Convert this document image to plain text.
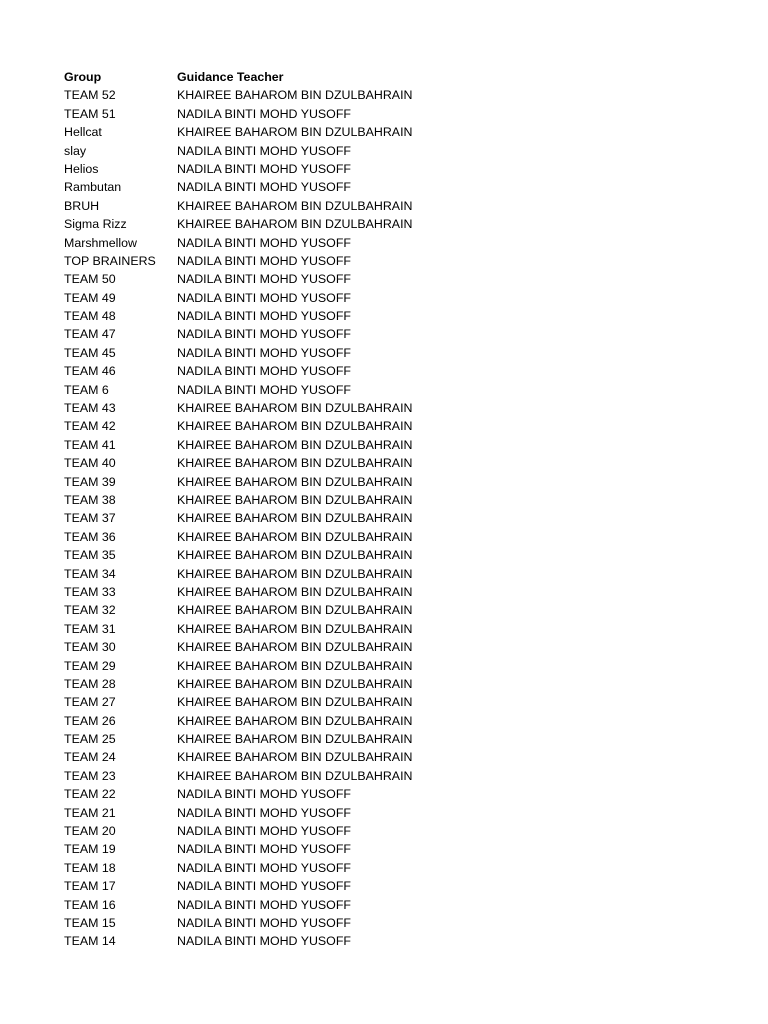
Group	Guidance Teacher
TEAM 52	KHAIREE BAHAROM BIN DZULBAHRAIN
TEAM 51	NADILA BINTI MOHD YUSOFF
Hellcat	KHAIREE BAHAROM BIN DZULBAHRAIN
slay	NADILA BINTI MOHD YUSOFF
Helios	NADILA BINTI MOHD YUSOFF
Rambutan	NADILA BINTI MOHD YUSOFF
BRUH	KHAIREE BAHAROM BIN DZULBAHRAIN
Sigma Rizz	KHAIREE BAHAROM BIN DZULBAHRAIN
Marshmellow	NADILA BINTI MOHD YUSOFF
TOP BRAINERS	NADILA BINTI MOHD YUSOFF
TEAM 50	NADILA BINTI MOHD YUSOFF
TEAM 49	NADILA BINTI MOHD YUSOFF
TEAM 48	NADILA BINTI MOHD YUSOFF
TEAM 47	NADILA BINTI MOHD YUSOFF
TEAM 45	NADILA BINTI MOHD YUSOFF
TEAM 46	NADILA BINTI MOHD YUSOFF
TEAM 6	NADILA BINTI MOHD YUSOFF
TEAM 43	KHAIREE BAHAROM BIN DZULBAHRAIN
TEAM 42	KHAIREE BAHAROM BIN DZULBAHRAIN
TEAM 41	KHAIREE BAHAROM BIN DZULBAHRAIN
TEAM 40	KHAIREE BAHAROM BIN DZULBAHRAIN
TEAM 39	KHAIREE BAHAROM BIN DZULBAHRAIN
TEAM 38	KHAIREE BAHAROM BIN DZULBAHRAIN
TEAM 37	KHAIREE BAHAROM BIN DZULBAHRAIN
TEAM 36	KHAIREE BAHAROM BIN DZULBAHRAIN
TEAM 35	KHAIREE BAHAROM BIN DZULBAHRAIN
TEAM 34	KHAIREE BAHAROM BIN DZULBAHRAIN
TEAM 33	KHAIREE BAHAROM BIN DZULBAHRAIN
TEAM 32	KHAIREE BAHAROM BIN DZULBAHRAIN
TEAM 31	KHAIREE BAHAROM BIN DZULBAHRAIN
TEAM 30	KHAIREE BAHAROM BIN DZULBAHRAIN
TEAM 29	KHAIREE BAHAROM BIN DZULBAHRAIN
TEAM 28	KHAIREE BAHAROM BIN DZULBAHRAIN
TEAM 27	KHAIREE BAHAROM BIN DZULBAHRAIN
TEAM 26	KHAIREE BAHAROM BIN DZULBAHRAIN
TEAM 25	KHAIREE BAHAROM BIN DZULBAHRAIN
TEAM 24	KHAIREE BAHAROM BIN DZULBAHRAIN
TEAM 23	KHAIREE BAHAROM BIN DZULBAHRAIN
TEAM 22	NADILA BINTI MOHD YUSOFF
TEAM 21	NADILA BINTI MOHD YUSOFF
TEAM 20	NADILA BINTI MOHD YUSOFF
TEAM 19	NADILA BINTI MOHD YUSOFF
TEAM 18	NADILA BINTI MOHD YUSOFF
TEAM 17	NADILA BINTI MOHD YUSOFF
TEAM 16	NADILA BINTI MOHD YUSOFF
TEAM 15	NADILA BINTI MOHD YUSOFF
TEAM 14	NADILA BINTI MOHD YUSOFF
